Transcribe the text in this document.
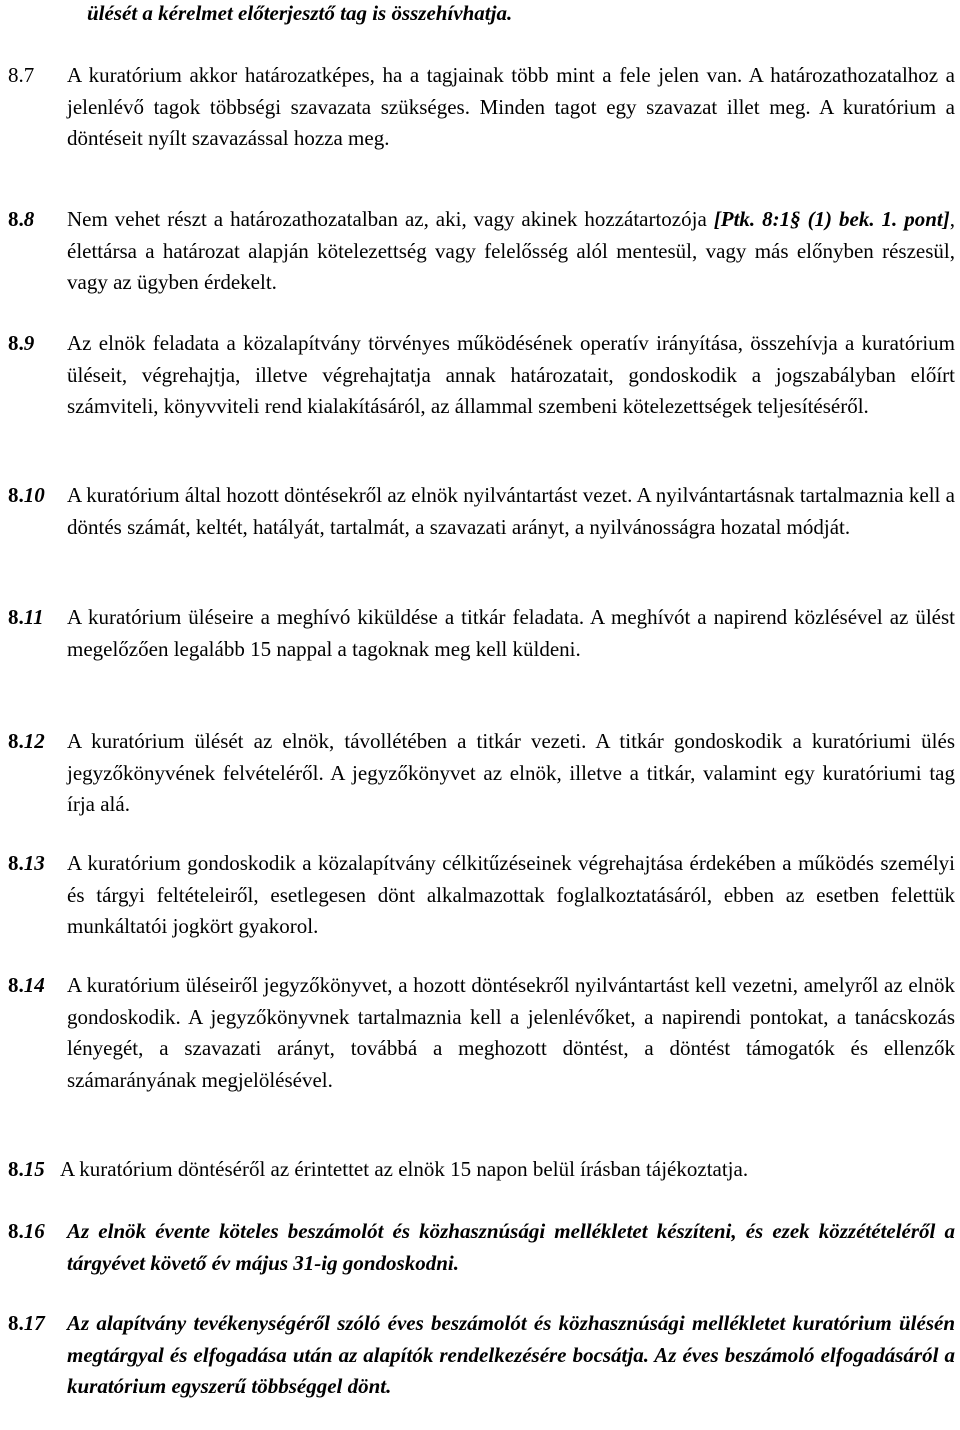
ülését a kérelmet előterjesztő tag is összehívhatja.
8.7 A kuratórium akkor határozatképes, ha a tagjainak több mint a fele jelen van. A határozathozatalhoz a jelenlévő tagok többségi szavazata szükséges. Minden tagot egy szavazat illet meg. A kuratórium a döntéseit nyílt szavazással hozza meg.
8.8 Nem vehet részt a határozathozatalban az, aki, vagy akinek hozzátartozója [Ptk. 8:1§ (1) bek. 1. pont], élettársa a határozat alapján kötelezettség vagy felelősség alól mentesül, vagy más előnyben részesül, vagy az ügyben érdekelt.
8.9 Az elnök feladata a közalapítvány törvényes működésének operatív irányítása, összehívja a kuratórium üléseit, végrehajtja, illetve végrehajtatja annak határozatait, gondoskodik a jogszabályban előírt számviteli, könyvviteli rend kialakításáról, az állammal szembeni kötelezettségek teljesítéséről.
8.10 A kuratórium által hozott döntésekről az elnök nyilvántartást vezet. A nyilvántartásnak tartalmaznia kell a döntés számát, keltét, hatályát, tartalmát, a szavazati arányt, a nyilvánosságra hozatal módját.
8.11 A kuratórium üléseire a meghívó kiküldése a titkár feladata. A meghívót a napirend közlésével az ülést megelőzően legalább 15 nappal a tagoknak meg kell küldeni.
8.12 A kuratórium ülését az elnök, távollétében a titkár vezeti. A titkár gondoskodik a kuratóriumi ülés jegyzőkönyvének felvételéről. A jegyzőkönyvet az elnök, illetve a titkár, valamint egy kuratóriumi tag írja alá.
8.13 A kuratórium gondoskodik a közalapítvány célkitűzéseinek végrehajtása érdekében a működés személyi és tárgyi feltételeiről, esetlegesen dönt alkalmazottak foglalkoztatásáról, ebben az esetben felettük munkáltatói jogkört gyakorol.
8.14 A kuratórium üléseiről jegyzőkönyvet, a hozott döntésekről nyilvántartást kell vezetni, amelyről az elnök gondoskodik. A jegyzőkönyvnek tartalmaznia kell a jelenlévőket, a napirendi pontokat, a tanácskozás lényegét, a szavazati arányt, továbbá a meghozott döntést, a döntést támogatók és ellenzők számarányának megjelölésével.
8.15 A kuratórium döntéséről az érintettet az elnök 15 napon belül írásban tájékoztatja.
8.16 Az elnök évente köteles beszámolót és közhasznúsági mellékletet készíteni, és ezek közzétételéről a tárgyévet követő év május 31-ig gondoskodni.
8.17 Az alapítvány tevékenységéről szóló éves beszámolót és közhasznúsági mellékletet kuratórium ülésén megtárgyal és elfogadása után az alapítók rendelkezésére bocsátja. Az éves beszámoló elfogadásáról a kuratórium egyszerű többséggel dönt.
